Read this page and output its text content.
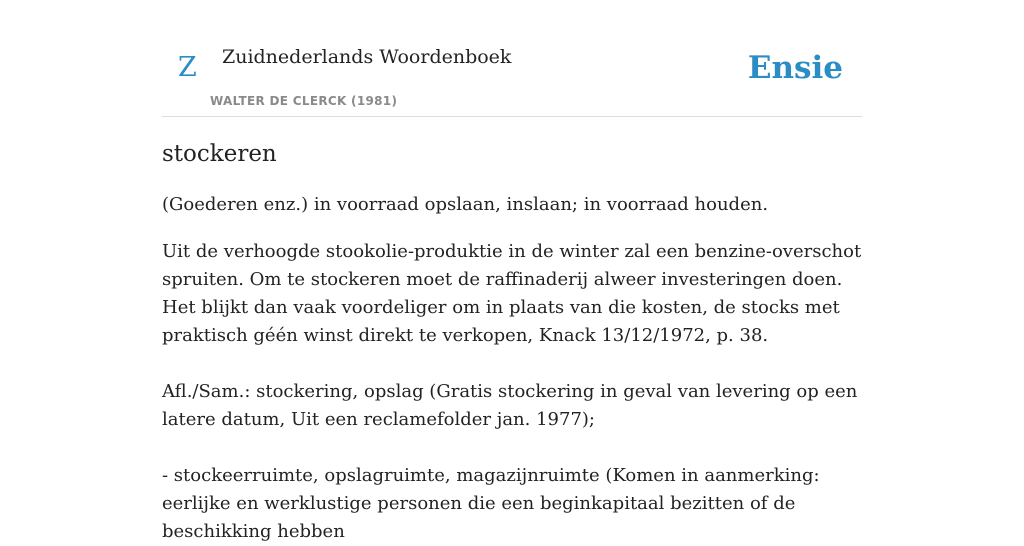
Z Zuidnederlands Woordenboek
WALTER DE CLERCK (1981)
Ensie
stockeren

(Goederen enz.) in voorraad opslaan, inslaan; in voorraad houden.

Uit de verhoogde stookolie-produktie in de winter zal een benzine-overschot spruiten. Om te stockeren moet de raffinaderij alweer investeringen doen. Het blijkt dan vaak voordeliger om in plaats van die kosten, de stocks met praktisch géén winst direkt te verkopen, Knack 13/12/1972, p. 38.

Afl./Sam.: stockering, opslag (Gratis stockering in geval van levering op een latere datum, Uit een reclamefolder jan. 1977);

- stockeerruimte, opslagruimte, magazijnruimte (Komen in aanmerking: eerlijke en werklustige personen die een beginkapitaal bezitten of de beschikking hebben
